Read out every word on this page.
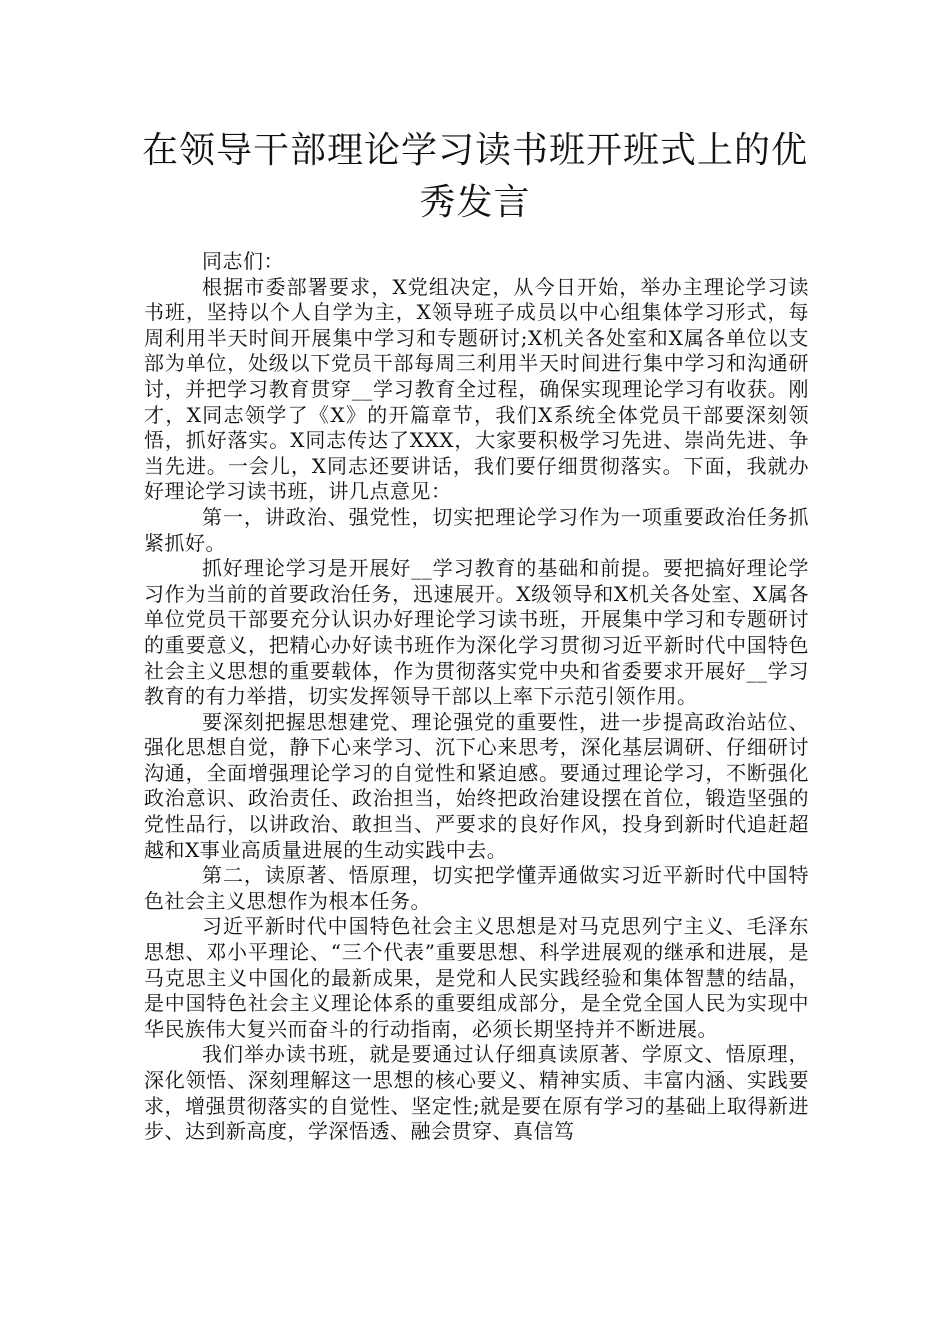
在领导干部理论学习读书班开班式上的优
秀发言

同志们：

根据市委部署要求，X党组决定，从今日开始，举办主理论学习读书班，坚持以个人自学为主，X领导班子成员以中心组集体学习形式，每周利用半天时间开展集中学习和专题研讨;X机关各处室和X属各单位以支部为单位，处级以下党员干部每周三利用半天时间进行集中学习和沟通研讨，并把学习教育贯穿__学习教育全过程，确保实现理论学习有收获。刚才，X同志领学了《X》的开篇章节，我们X系统全体党员干部要深刻领悟，抓好落实。X同志传达了XXX，大家要积极学习先进、崇尚先进、争当先进。一会儿，X同志还要讲话，我们要仔细贯彻落实。下面，我就办好理论学习读书班，讲几点意见：

第一，讲政治、强党性，切实把理论学习作为一项重要政治任务抓紧抓好。

抓好理论学习是开展好__学习教育的基础和前提。要把搞好理论学习作为当前的首要政治任务，迅速展开。X级领导和X机关各处室、X属各单位党员干部要充分认识办好理论学习读书班，开展集中学习和专题研讨的重要意义，把精心办好读书班作为深化学习贯彻习近平新时代中国特色社会主义思想的重要载体，作为贯彻落实党中央和省委要求开展好__学习教育的有力举措，切实发挥领导干部以上率下示范引领作用。

要深刻把握思想建党、理论强党的重要性，进一步提高政治站位、强化思想自觉，静下心来学习、沉下心来思考，深化基层调研、仔细研讨沟通，全面增强理论学习的自觉性和紧迫感。要通过理论学习，不断强化政治意识、政治责任、政治担当，始终把政治建设摆在首位，锻造坚强的党性品行，以讲政治、敢担当、严要求的良好作风，投身到新时代追赶超越和X事业高质量进展的生动实践中去。

第二，读原著、悟原理，切实把学懂弄通做实习近平新时代中国特色社会主义思想作为根本任务。

习近平新时代中国特色社会主义思想是对马克思列宁主义、毛泽东思想、邓小平理论、“三个代表”重要思想、科学进展观的继承和进展，是马克思主义中国化的最新成果，是党和人民实践经验和集体智慧的结晶，是中国特色社会主义理论体系的重要组成部分，是全党全国人民为实现中华民族伟大复兴而奋斗的行动指南，必须长期坚持并不断进展。

我们举办读书班，就是要通过认仔细真读原著、学原文、悟原理，深化领悟、深刻理解这一思想的核心要义、精神实质、丰富内涵、实践要求，增强贯彻落实的自觉性、坚定性;就是要在原有学习的基础上取得新进步、达到新高度，学深悟透、融会贯穿、真信笃
